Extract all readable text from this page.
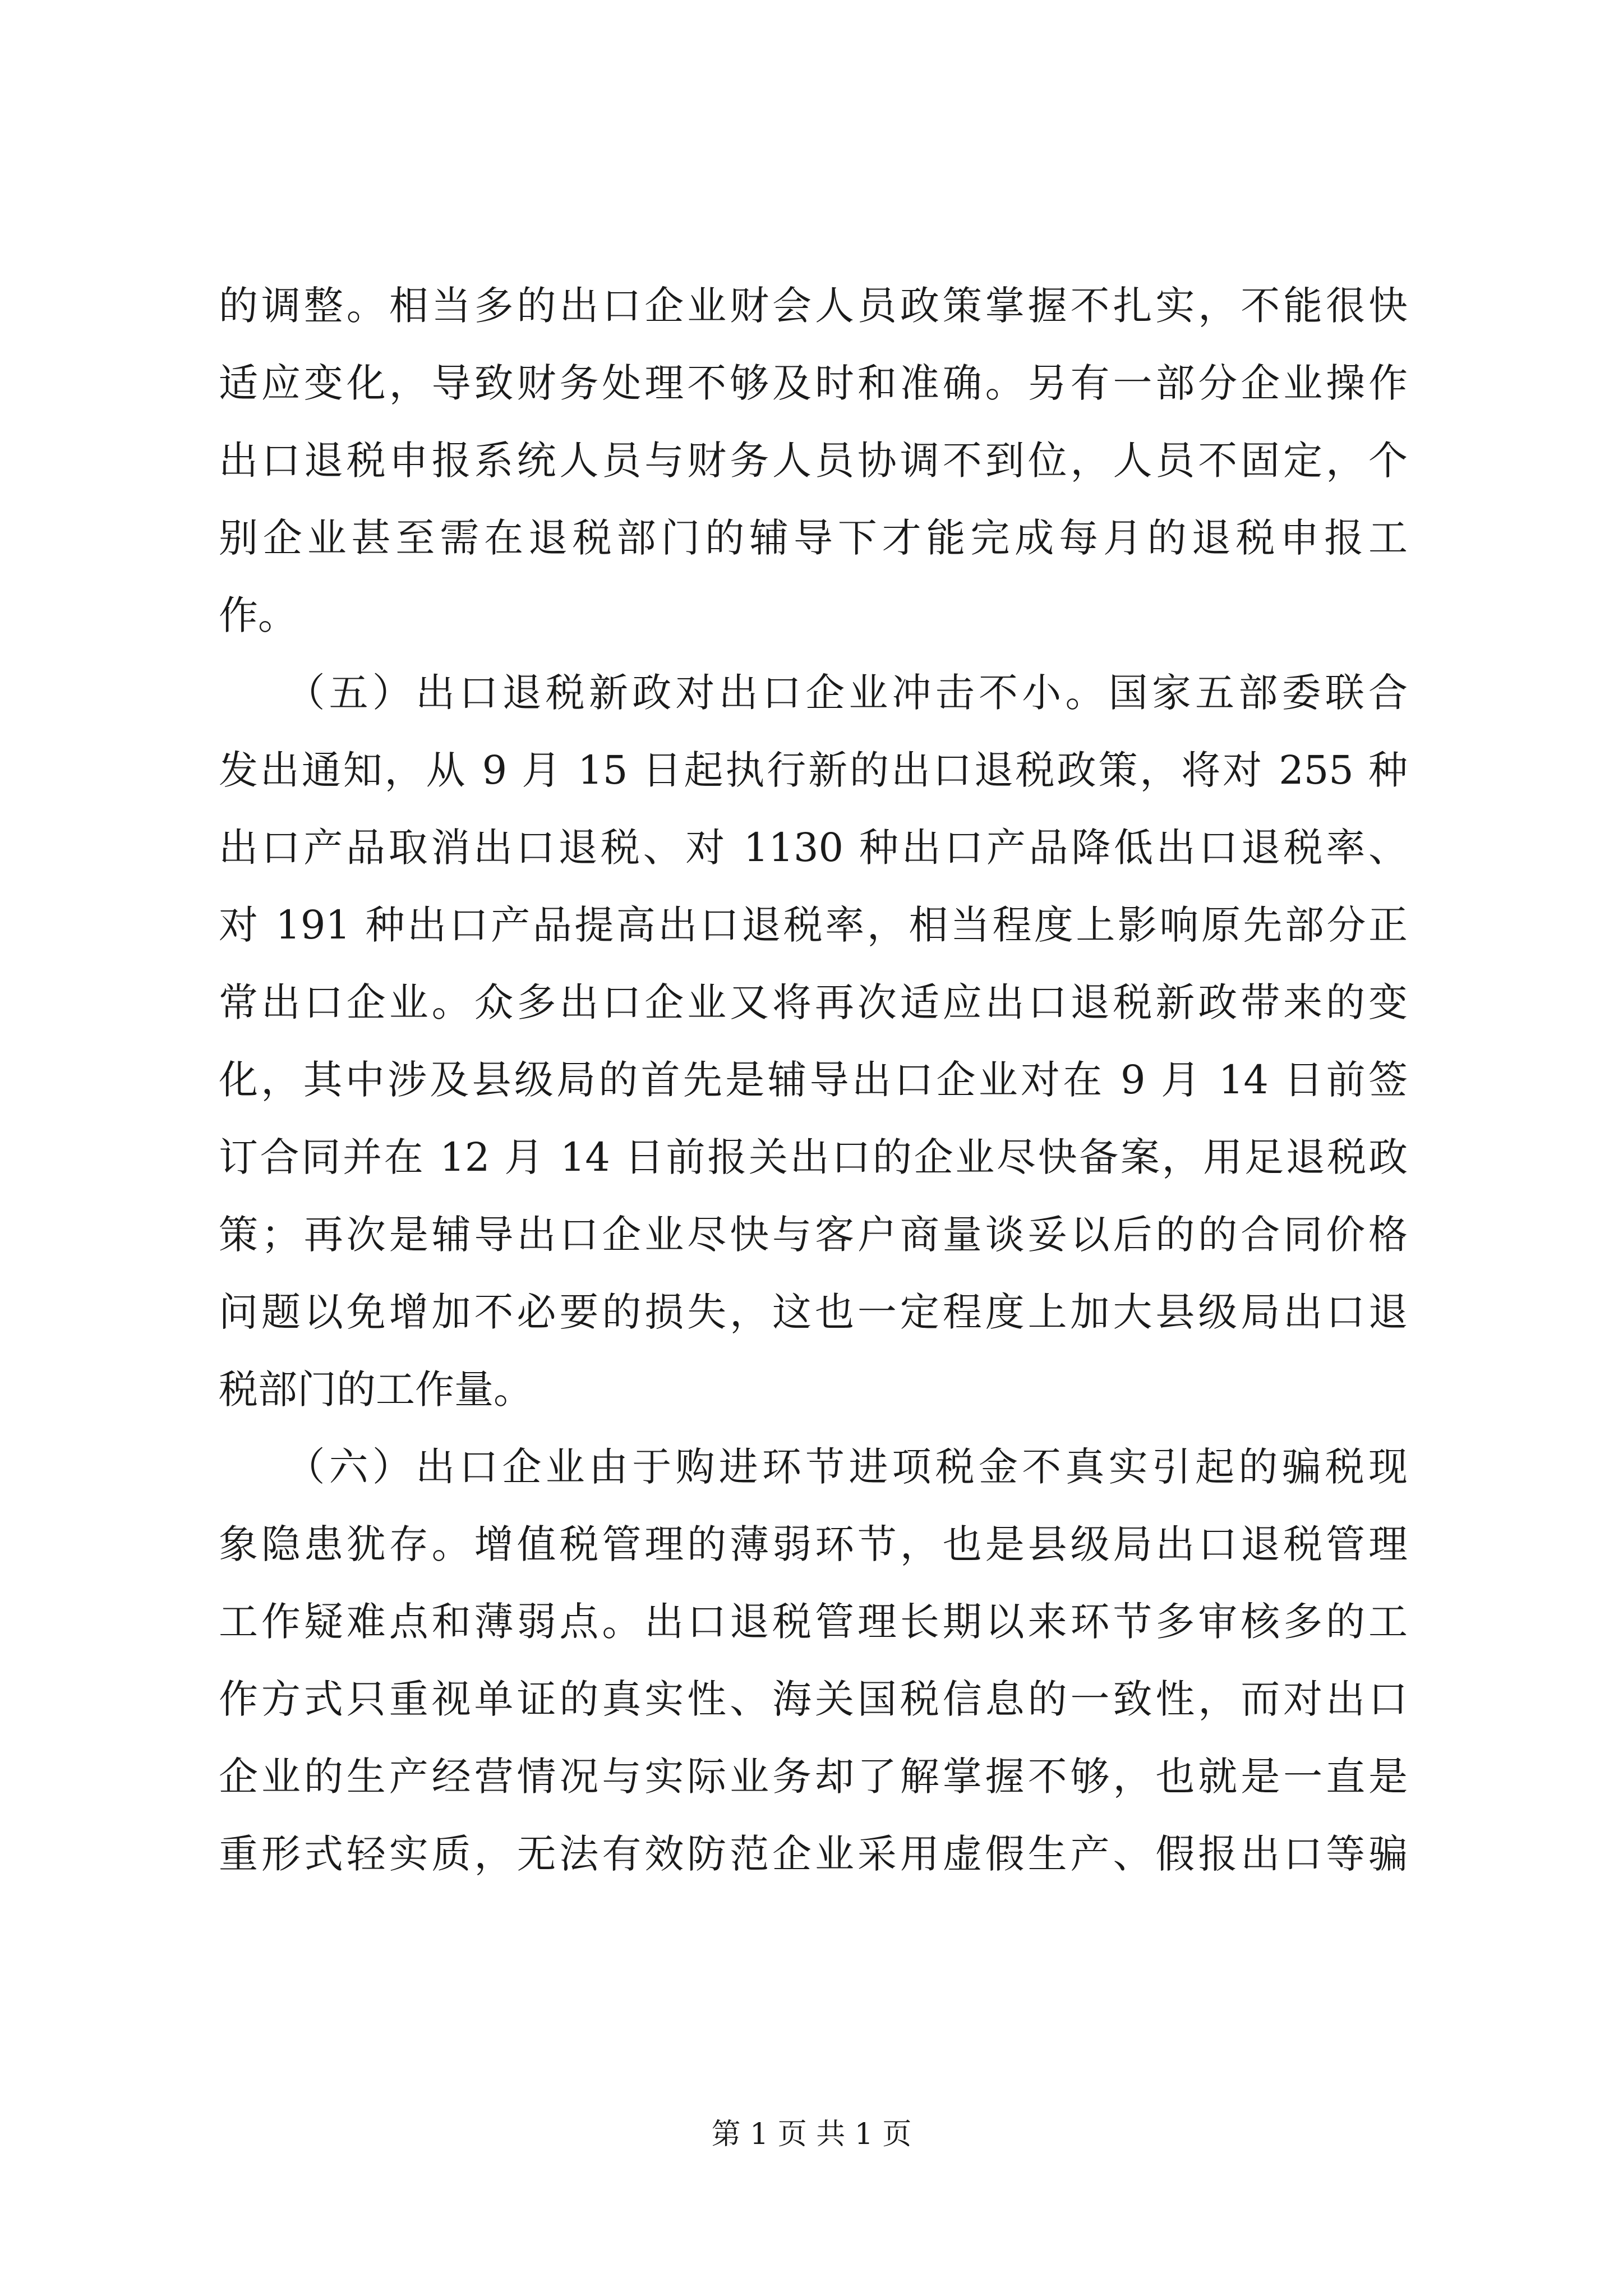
的调整。相当多的出口企业财会人员政策掌握不扎实，不能很快
适应变化，导致财务处理不够及时和准确。另有一部分企业操作
出口退税申报系统人员与财务人员协调不到位，人员不固定，个
别企业甚至需在退税部门的辅导下才能完成每月的退税申报工
作。
　　（五）出口退税新政对出口企业冲击不小。国家五部委联合
发出通知，从 9 月 15 日起执行新的出口退税政策，将对 255 种
出口产品取消出口退税、对 1130 种出口产品降低出口退税率、
对 191 种出口产品提高出口退税率，相当程度上影响原先部分正
常出口企业。众多出口企业又将再次适应出口退税新政带来的变
化，其中涉及县级局的首先是辅导出口企业对在 9 月 14 日前签
订合同并在 12 月 14 日前报关出口的企业尽快备案，用足退税政
策；再次是辅导出口企业尽快与客户商量谈妥以后的的合同价格
问题以免增加不必要的损失，这也一定程度上加大县级局出口退
税部门的工作量。
　　（六）出口企业由于购进环节进项税金不真实引起的骗税现
象隐患犹存。增值税管理的薄弱环节，也是县级局出口退税管理
工作疑难点和薄弱点。出口退税管理长期以来环节多审核多的工
作方式只重视单证的真实性、海关国税信息的一致性，而对出口
企业的生产经营情况与实际业务却了解掌握不够，也就是一直是
重形式轻实质，无法有效防范企业采用虚假生产、假报出口等骗
第 1 页 共 1 页
